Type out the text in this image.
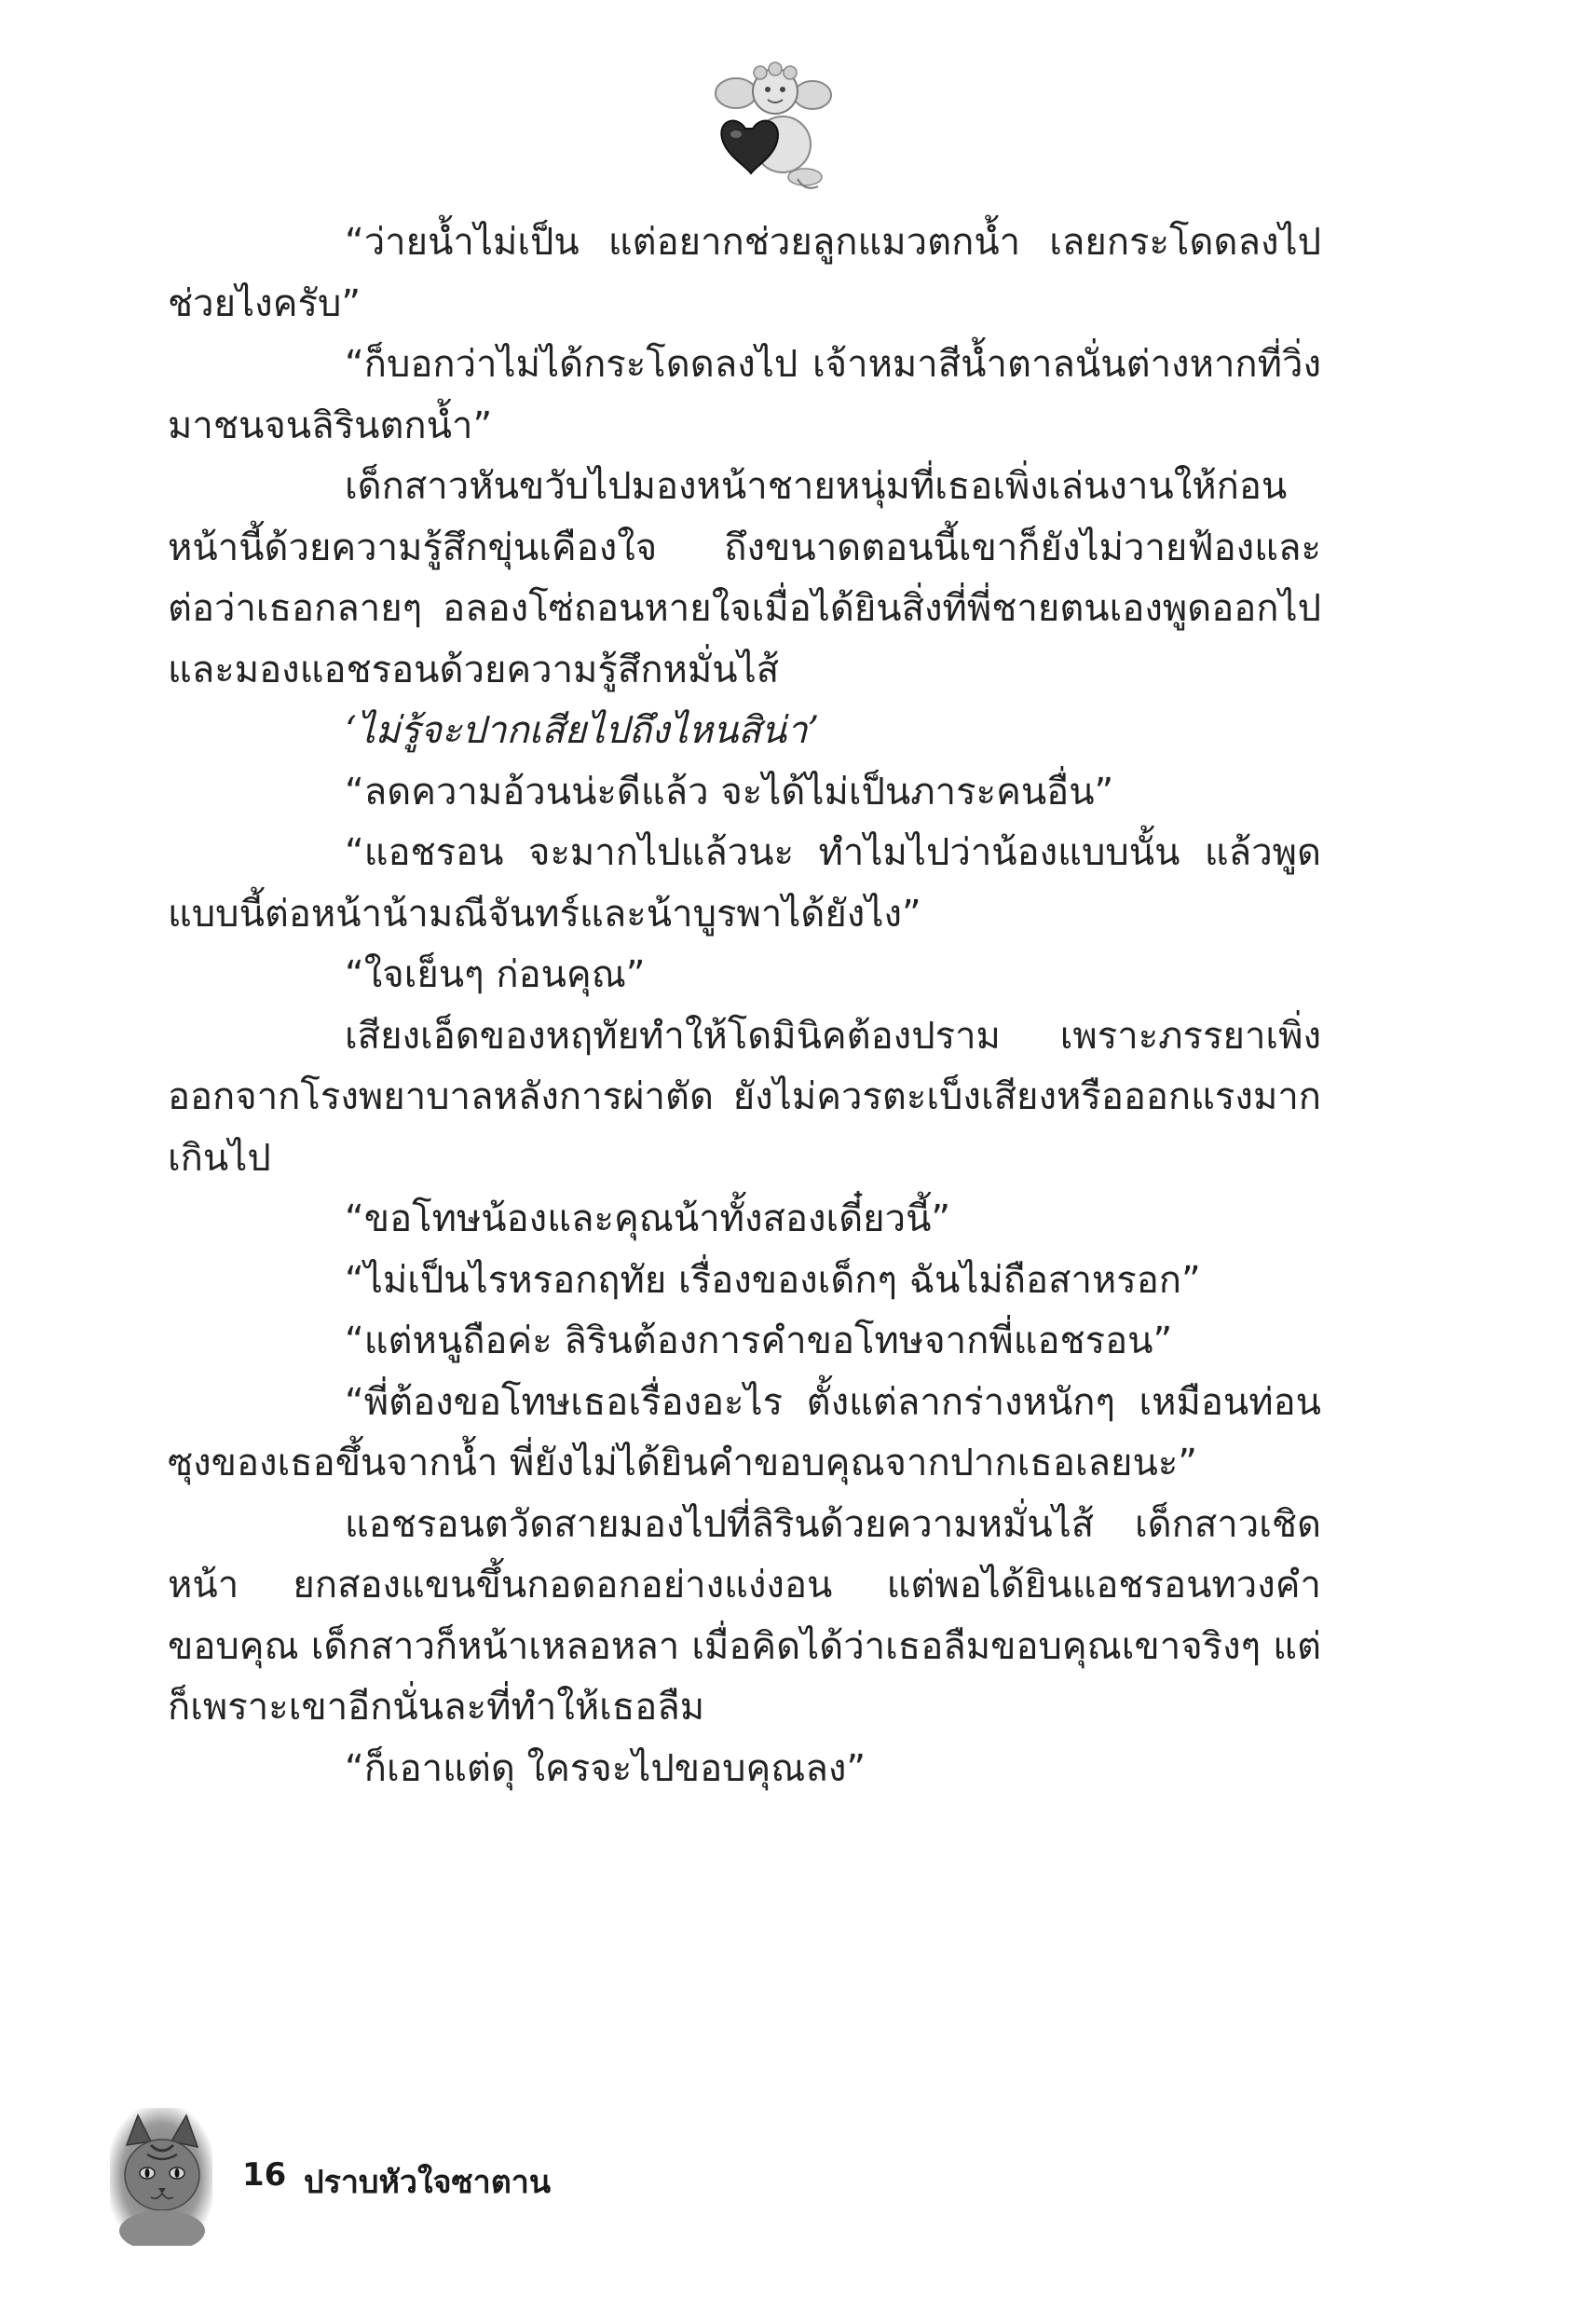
“ว่ายน้ำไม่เป็น แต่อยากช่วยลูกแมวตกน้ำ เลยกระโดดลงไปช่วยไงครับ”

“ก็บอกว่าไม่ได้กระโดดลงไป เจ้าหมาสีน้ำตาลนั่นต่างหากที่วิ่งมาชนจนลิรินตกน้ำ”

เด็กสาวหันขวับไปมองหน้าชายหนุ่มที่เธอเพิ่งเล่นงานให้ก่อนหน้านี้ด้วยความรู้สึกขุ่นเคืองใจ ถึงขนาดตอนนี้เขาก็ยังไม่วายฟ้องและต่อว่าเธอกลายๆ อลองโซ่ถอนหายใจเมื่อได้ยินสิ่งที่พี่ชายตนเองพูดออกไป และมองแอชรอนด้วยความรู้สึกหมั่นไส้

‘ไม่รู้จะปากเสียไปถึงไหนสิน่า’

“ลดความอ้วนน่ะดีแล้ว จะได้ไม่เป็นภาระคนอื่น”

“แอชรอน จะมากไปแล้วนะ ทำไมไปว่าน้องแบบนั้น แล้วพูดแบบนี้ต่อหน้าน้ามณีจันทร์และน้าบูรพาได้ยังไง”

“ใจเย็นๆ ก่อนคุณ”

เสียงเอ็ดของหฤทัยทำให้โดมินิคต้องปราม เพราะภรรยาเพิ่งออกจากโรงพยาบาลหลังการผ่าตัด ยังไม่ควรตะเบ็งเสียงหรือออกแรงมากเกินไป

“ขอโทษน้องและคุณน้าทั้งสองเดี๋ยวนี้”

“ไม่เป็นไรหรอกฤทัย เรื่องของเด็กๆ ฉันไม่ถือสาหรอก”

“แต่หนูถือค่ะ ลิรินต้องการคำขอโทษจากพี่แอชรอน”

“พี่ต้องขอโทษเธอเรื่องอะไร ตั้งแต่ลากร่างหนักๆ เหมือนท่อนซุงของเธอขึ้นจากน้ำ พี่ยังไม่ได้ยินคำขอบคุณจากปากเธอเลยนะ”

แอชรอนตวัดสายมองไปที่ลิรินด้วยความหมั่นไส้ เด็กสาวเชิดหน้า ยกสองแขนขึ้นกอดอกอย่างแง่งอน แต่พอได้ยินแอชรอนทวงคำขอบคุณ เด็กสาวก็หน้าเหลอหลา เมื่อคิดได้ว่าเธอลืมขอบคุณเขาจริงๆ แต่ก็เพราะเขาอีกนั่นละที่ทำให้เธอลืม

“ก็เอาแต่ดุ ใครจะไปขอบคุณลง”

16 ปราบหัวใจซาตาน
